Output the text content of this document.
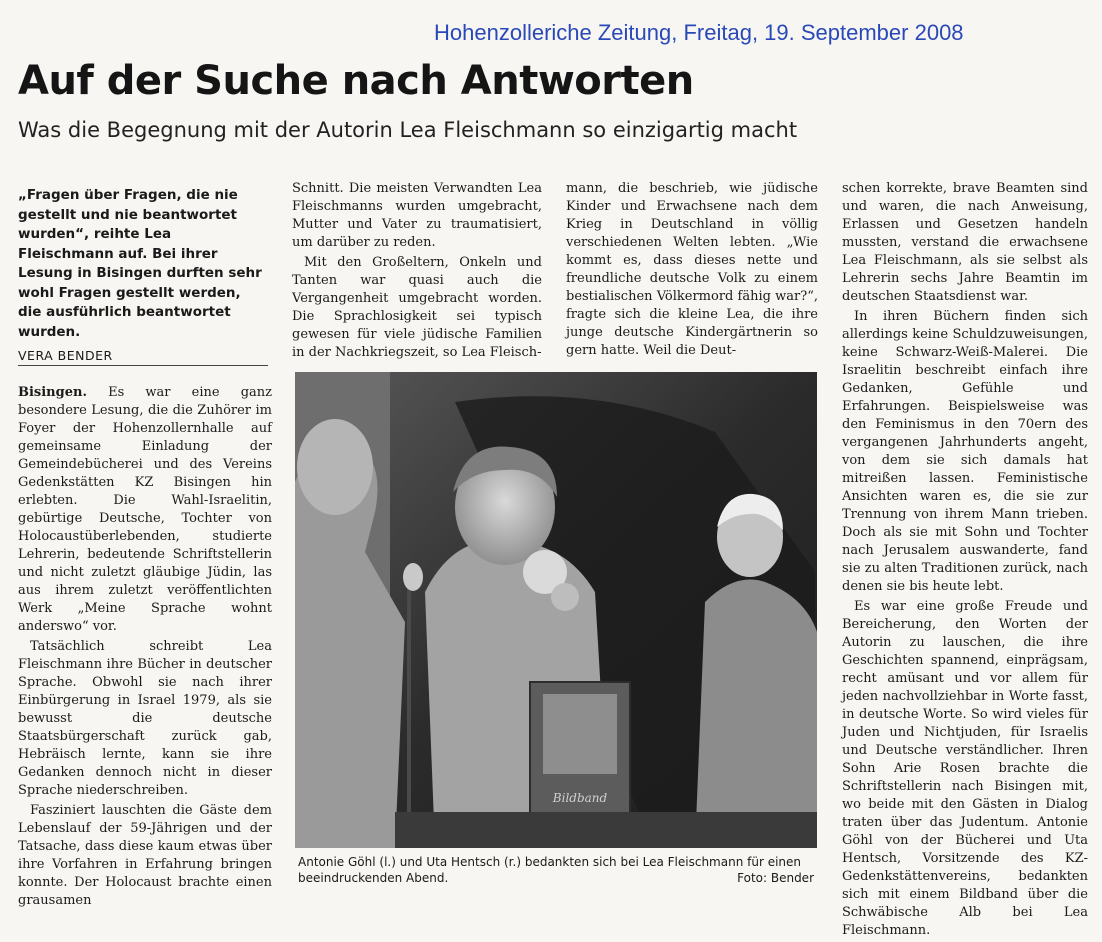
Hohenzolleriche Zeitung, Freitag, 19. September 2008
Auf der Suche nach Antworten
Was die Begegnung mit der Autorin Lea Fleischmann so einzigartig macht
„Fragen über Fragen, die nie gestellt und nie beantwortet wurden“, reihte Lea Fleischmann auf. Bei ihrer Lesung in Bisingen durften sehr wohl Fragen gestellt werden, die ausführlich beantwortet wurden.
VERA BENDER

Bisingen. Es war eine ganz besondere Lesung, die die Zuhörer im Foyer der Hohenzollernhalle auf gemeinsame Einladung der Gemeindebücherei und des Vereins Gedenkstätten KZ Bisingen hin erlebten. Die Wahl-Israelitin, gebürtige Deutsche, Tochter von Holocaustüberlebenden, studierte Lehrerin, bedeutende Schriftstellerin und nicht zuletzt gläubige Jüdin, las aus ihrem zuletzt veröffentlichten Werk „Meine Sprache wohnt anderswo“ vor.

Tatsächlich schreibt Lea Fleischmann ihre Bücher in deutscher Sprache. Obwohl sie nach ihrer Einbürgerung in Israel 1979, als sie bewusst die deutsche Staatsbürgerschaft zurück gab, Hebräisch lernte, kann sie ihre Gedanken dennoch nicht in dieser Sprache niederschreiben.

Fasziniert lauschten die Gäste dem Lebenslauf der 59-Jährigen und der Tatsache, dass diese kaum etwas über ihre Vorfahren in Erfahrung bringen konnte. Der Holocaust brachte einen grausamen

Schnitt. Die meisten Verwandten Lea Fleischmanns wurden umgebracht, Mutter und Vater zu traumatisiert, um darüber zu reden.

Mit den Großeltern, Onkeln und Tanten war quasi auch die Vergangenheit umgebracht worden. Die Sprachlosigkeit sei typisch gewesen für viele jüdische Familien in der Nachkriegszeit, so Lea Fleisch-

mann, die beschrieb, wie jüdische Kinder und Erwachsene nach dem Krieg in Deutschland in völlig verschiedenen Welten lebten. „Wie kommt es, dass dieses nette und freundliche deutsche Volk zu einem bestialischen Völkermord fähig war?“, fragte sich die kleine Lea, die ihre junge deutsche Kindergärtnerin so gern hatte. Weil die Deut-

schen korrekte, brave Beamten sind und waren, die nach Anweisung, Erlassen und Gesetzen handeln mussten, verstand die erwachsene Lea Fleischmann, als sie selbst als Lehrerin sechs Jahre Beamtin im deutschen Staatsdienst war.

In ihren Büchern finden sich allerdings keine Schuldzuweisungen, keine Schwarz-Weiß-Malerei. Die Israelitin beschreibt einfach ihre Gedanken, Gefühle und Erfahrungen. Beispielsweise was den Feminismus in den 70ern des vergangenen Jahrhunderts angeht, von dem sie sich damals hat mitreißen lassen. Feministische Ansichten waren es, die sie zur Trennung von ihrem Mann trieben. Doch als sie mit Sohn und Tochter nach Jerusalem auswanderte, fand sie zu alten Traditionen zurück, nach denen sie bis heute lebt.

Es war eine große Freude und Bereicherung, den Worten der Autorin zu lauschen, die ihre Geschichten spannend, einprägsam, recht amüsant und vor allem für jeden nachvollziehbar in Worte fasst, in deutsche Worte. So wird vieles für Juden und Nichtjuden, für Israelis und Deutsche verständlicher. Ihren Sohn Arie Rosen brachte die Schriftstellerin nach Bisingen mit, wo beide mit den Gästen in Dialog traten über das Judentum. Antonie Göhl von der Bücherei und Uta Hentsch, Vorsitzende des KZ-Gedenkstättenvereins, bedankten sich mit einem Bildband über die Schwäbische Alb bei Lea Fleischmann.

Bildband
Antonie Göhl (l.) und Uta Hentsch (r.) bedankten sich bei Lea Fleischmann für einen beeindruckenden Abend.	Foto: Bender
